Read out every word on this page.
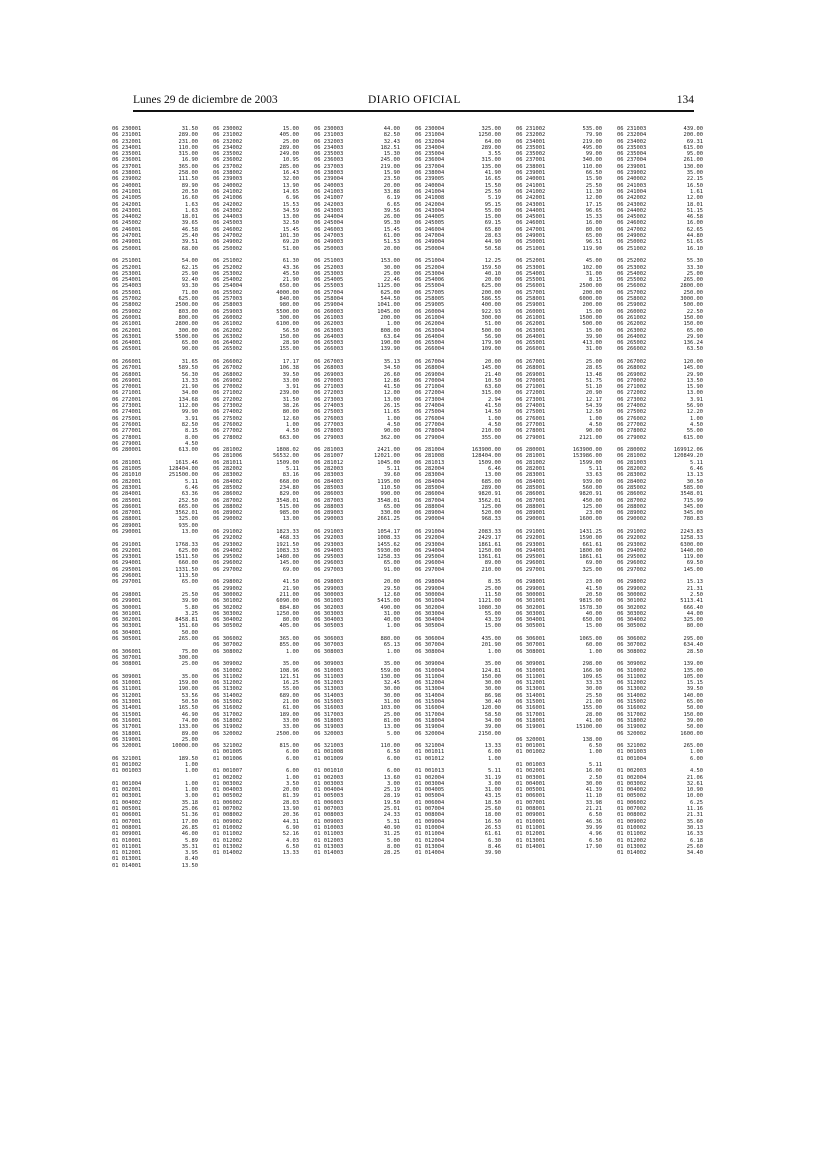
Lunes 29 de diciembre de 2003	DIARIO OFICIAL	134
06 230001	31.50
06 231001	289.00
06 232001	231.00
06 234001	110.00
06 235001	315.00
06 236001	16.90
06 237001	365.00
06 238001	258.00
06 239002	111.50
06 240001	89.90
06 241001	20.50
06 241005	16.60
06 242001	1.63
06 243001	1.63
06 244002	18.01
06 245002	39.65
06 246001	46.58
06 247001	25.40
06 249001	39.51
06 250001	68.00
06 251001	54.00
06 252001	62.15
06 253001	25.90
06 254001	92.40
06 254003	93.30
06 255001	71.00
06 257002	625.00
06 258002	2500.00
06 259002	803.00
06 260001	800.00
06 261001	2800.00
06 262001	300.00
06 263001	5500.00
06 264001	65.00
06 265001	90.00
06 266001	31.65
06 267001	589.50
06 268001	56.30
06 269001	13.33
06 270001	21.90
06 271001	34.00
06 272001	134.68
06 273001	112.00
06 274001	99.90
06 275001	3.91
06 276001	82.50
06 277001	8.15
06 278001	8.00
06 279001	4.50
06 280001	613.00
06 281001	1615.46
06 281005	128404.00
06 281010	251500.00
06 282001	5.11
06 283001	6.46
06 284001	63.36
06 285001	252.50
06 286001	665.00
06 287001	3562.01
06 288001	325.00
06 289001	935.00
06 290001	13.00
06 291001	1768.33
06 292001	625.00
06 293001	1511.50
06 294001	660.00
06 295001	1331.50
06 296001	113.50
06 297001	65.00
06 298001	25.50
06 299001	39.90
06 300001	5.80
06 301001	3.25
06 302001	8458.81
06 303001	151.60
06 304001	50.00
06 305001	265.00
06 306001	75.00
06 307001	300.00
06 308001	25.00
06 309001	35.00
06 310001	159.00
06 311001	190.00
06 312001	53.56
06 313001	50.50
06 314001	165.50
06 315001	46.90
06 316001	74.00
06 317001	133.00
06 318001	89.00
06 319001	25.00
06 320001	10000.00
06 321001	189.50
01 001002	1.00
01 001003	1.00
01 001004	1.00
01 002001	1.00
01 003001	3.00
01 004002	35.18
01 005001	25.06
01 006001	51.36
01 007001	17.00
01 008001	26.85
01 009001	46.00
01 010001	5.89
01 011001	35.31
01 012001	3.95
01 013001	8.40
01 014001	13.50
06 230002	15.00
06 231002	405.00
06 232002	25.00
06 234002	289.00
06 235002	249.00
06 236002	10.95
06 237002	285.00
06 238002	16.43
06 239003	32.00
06 240002	13.90
06 241002	14.65
06 241006	6.96
06 242002	15.53
06 243002	34.59
06 244003	13.00
06 245003	32.50
06 246002	15.45
06 247002	101.30
06 249002	69.20
06 250002	51.00
06 251002	61.30
06 252002	43.36
06 253002	45.50
06 254002	21.90
06 254004	650.00
06 255002	4000.00
06 257003	840.00
06 258003	980.00
06 259003	5500.00
06 260002	300.00
06 261002	6100.00
06 262002	56.50
06 263002	150.00
06 264002	28.90
06 265002	155.00
06 266002	17.17
06 267002	106.38
06 268002	39.50
06 269002	33.00
06 270002	3.91
06 271002	239.00
06 272002	31.50
06 273002	38.26
06 274002	80.00
06 275002	12.60
06 276002	1.00
06 277002	4.50
06 278002	663.00
06 281002	1808.02
06 281006	56532.00
06 281011	1509.00
06 282002	5.11
06 283002	83.16
06 284002	668.00
06 285002	234.80
06 286002	829.00
06 287002	3548.01
06 288002	515.00
06 289002	985.00
06 290002	13.00
06 291002	1823.33
06 292002	468.33
06 293002	1921.50
06 294002	1083.33
06 295002	1480.00
06 296002	145.00
06 297002	69.00
06 298002	41.50
06 299002	21.90
06 300002	211.00
06 301002	6090.00
06 302002	884.80
06 303002	1250.00
06 304002	80.00
06 305002	405.00
06 306002	365.00
06 307002	855.00
06 308002	1.00
06 309002	35.00
06 310002	108.96
06 311002	121.51
06 312002	16.25
06 313002	55.00
06 314002	689.00
06 315002	21.00
06 316002	61.00
06 317002	189.00
06 318002	33.00
06 319002	33.00
06 320002	2500.00
06 321002	815.00
01 001005	6.00
01 001006	6.00
01 001007	6.00
01 002002	1.00
01 003002	3.50
01 004003	20.00
01 005002	81.39
01 006002	28.03
01 007002	13.90
01 008002	20.36
01 009002	44.31
01 010002	6.90
01 011002	52.16
01 012002	4.03
01 013002	6.50
01 014002	13.33
06 230003	44.00
06 231003	82.50
06 232003	32.43
06 234003	182.51
06 235003	15.30
06 236003	245.00
06 237003	219.00
06 238003	15.90
06 239004	23.50
06 240003	20.00
06 241003	33.88
06 241007	6.19
06 242003	6.65
06 243003	39.56
06 244004	26.00
06 245004	95.30
06 246003	15.45
06 247003	61.00
06 249003	51.53
06 250003	20.00
06 251003	153.00
06 252003	30.00
06 253003	25.00
06 254005	22.46
06 255003	1125.00
06 257004	625.00
06 258004	544.50
06 259004	1041.00
06 260003	1045.00
06 261003	200.00
06 262003	1.00
06 263003	808.00
06 264003	63.64
06 265003	190.00
06 266003	139.90
06 267003	35.13
06 268003	34.50
06 269003	26.60
06 270003	12.86
06 271003	41.50
06 272003	12.00
06 273003	13.00
06 274003	26.15
06 275003	11.65
06 276003	1.00
06 277003	4.50
06 278003	90.00
06 279003	362.00
06 281003	2421.00
06 281007	12021.00
06 281012	1045.00
06 282003	5.11
06 283003	39.60
06 284003	1195.00
06 285003	110.50
06 286003	990.00
06 287003	3548.01
06 288003	65.00
06 289003	330.00
06 290003	2661.25
06 291003	1054.17
06 292003	1008.33
06 293003	1455.62
06 294003	5930.00
06 295003	1258.33
06 296003	65.00
06 297003	91.00
06 298003	20.00
06 299003	29.50
06 300003	12.60
06 301003	5415.00
06 302003	490.00
06 303003	31.00
06 304003	40.00
06 305003	1.00
06 306003	880.00
06 307003	65.13
06 308003	1.00
06 309003	35.00
06 310003	559.00
06 311003	130.00
06 312003	32.45
06 313003	30.00
06 314003	30.00
06 315003	31.00
06 316003	103.00
06 317003	25.00
06 318003	81.00
06 319003	13.00
06 320003	5.00
06 321003	110.00
01 001008	6.50
01 001009	6.00
01 001010	6.00
01 002003	13.60
01 003003	3.00
01 004004	25.19
01 005003	28.19
01 006003	19.50
01 007003	25.01
01 008003	24.33
01 009003	5.31
01 010003	40.90
01 011003	31.25
01 012003	5.00
01 013003	8.00
01 014003	28.25
06 230004	325.00
06 231004	1250.00
06 232004	64.00
06 234004	289.00
06 235004	3.55
06 236004	315.00
06 237004	135.00
06 238004	41.90
06 239005	16.65
06 240004	15.50
06 241004	25.50
06 241008	5.19
06 242004	95.15
06 243004	55.00
06 244005	15.00
06 245005	69.15
06 246004	65.80
06 247004	28.63
06 249004	44.90
06 250004	50.58
06 251004	12.25
06 252004	159.50
06 253004	40.10
06 254006	20.00
06 255004	625.00
06 257005	200.00
06 258005	586.55
06 259005	400.00
06 260004	922.93
06 261004	300.00
06 262004	51.00
06 263004	500.00
06 264004	56.90
06 265004	179.90
06 266004	109.00
06 267004	20.00
06 268004	145.00
06 269004	21.40
06 270004	10.50
06 271004	63.60
06 272004	315.00
06 273004	2.94
06 274004	41.50
06 275004	14.50
06 276004	1.00
06 277004	4.50
06 278004	210.00
06 279004	355.00
06 281004	163900.00
06 281008	128404.00
06 281013	1509.00
06 282004	6.46
06 283004	13.00
06 284004	685.00
06 285004	289.00
06 286004	9820.91
06 287004	3562.01
06 288004	125.00
06 289004	520.00
06 290004	968.33
06 291004	2083.33
06 292004	2429.17
06 293004	1861.61
06 294004	1250.00
06 295004	1361.61
06 296004	89.00
06 297004	210.00
06 298004	8.35
06 299004	25.00
06 300004	11.50
06 301004	1121.00
06 302004	1080.30
06 303004	55.00
06 304004	43.39
06 305004	15.00
06 306004	435.00
06 307004	201.90
06 308004	1.00
06 309004	35.00
06 310004	124.81
06 311004	150.00
06 312004	30.00
06 313004	30.00
06 314004	86.98
06 315004	30.40
06 316004	120.00
06 317004	58.50
06 318004	34.00
06 319004	39.00
06 320004	2150.00
06 321004	13.33
01 001011	6.00
01 001012	1.00
01 001013	5.11
01 002004	31.19
01 003004	3.00
01 004005	31.00
01 005004	43.15
01 006004	18.50
01 007004	25.60
01 008004	18.00
01 009004	16.50
01 010004	26.53
01 011004	61.61
01 012004	6.30
01 013004	8.46
01 014004	39.90
06 231002	535.00
06 232002	79.90
06 234001	219.00
06 235001	495.00
06 235002	99.00
06 237001	340.00
06 238001	110.00
06 239001	66.50
06 240001	15.90
06 241001	25.50
06 241002	11.30
06 242001	12.00
06 243001	17.15
06 244001	96.65
06 245001	15.33
06 246001	16.00
06 247001	80.00
06 249001	65.00
06 250001	96.51
06 251001	119.90
06 252001	45.00
06 253001	102.00
06 254001	31.00
06 255001	8.15
06 256001	2500.00
06 257001	200.00
06 258001	6000.00
06 259001	200.00
06 260001	15.00
06 261001	1500.00
06 262001	500.00
06 263001	15.00
06 264001	39.90
06 265001	413.00
06 266001	31.00
06 267001	25.00
06 268001	28.65
06 269001	13.48
06 270001	51.75
06 271001	51.10
06 272001	20.90
06 273001	12.17
06 274001	54.39
06 275001	12.50
06 276001	1.00
06 277001	4.50
06 278001	90.00
06 279001	2121.00
06 280001	163900.00
06 281001	153986.00
06 281002	1599.00
06 282001	5.11
06 283001	33.63
06 284001	939.00
06 285001	560.00
06 286001	9820.91
06 287001	450.00
06 288001	125.00
06 289001	23.00
06 290001	1600.00
06 291001	1431.25
06 292001	1590.00
06 293001	661.61
06 294001	1800.00
06 295001	1861.61
06 296001	69.00
06 297001	325.00
06 298001	23.00
06 299001	41.50
06 300001	20.50
06 301001	9815.00
06 302001	1578.30
06 303001	40.00
06 304001	650.00
06 305001	15.00
06 306001	1065.00
06 307001	60.00
06 308001	1.00
06 309001	298.00
06 310001	166.90
06 311001	109.65
06 312001	33.33
06 313001	30.00
06 314001	25.50
06 315001	21.00
06 316001	155.00
06 317001	28.00
06 318001	41.00
06 319001	15100.00
06 320001	138.00
01 001001	6.50
01 001002	1.00
01 001003	5.11
01 002001	16.00
01 003001	2.50
01 004001	30.00
01 005001	41.39
01 006001	11.10
01 007001	33.98
01 008001	21.21
01 009001	6.50
01 010001	46.36
01 011001	39.99
01 012001	4.96
01 013001	6.50
01 014001	17.90
06 231003	439.00
06 232004	200.00
06 234002	69.31
06 235003	615.00
06 235004	95.00
06 237004	261.00
06 239001	130.00
06 239002	35.00
06 240002	22.15
06 241003	16.50
06 241004	1.61
06 242002	12.00
06 243002	18.01
06 244002	51.15
06 245002	46.58
06 246002	16.00
06 247002	62.65
06 249002	44.80
06 250002	51.65
06 251002	16.10
06 252002	55.30
06 253002	33.30
06 254002	25.00
06 255002	265.00
06 256002	2800.00
06 257002	250.00
06 258002	3000.00
06 259002	500.00
06 260002	22.50
06 261002	150.00
06 262002	150.00
06 263002	65.00
06 264002	29.90
06 265002	136.24
06 266002	63.50
06 267002	120.00
06 268002	145.00
06 269002	29.90
06 270002	13.50
06 271002	15.90
06 272002	13.00
06 273002	3.91
06 274002	56.90
06 275002	12.20
06 276002	1.00
06 277002	4.50
06 278002	55.00
06 279002	615.00
06 280002	169912.06
06 281002	120849.20
06 281003	5.11
06 282002	6.46
06 283002	13.13
06 284002	30.50
06 285002	585.00
06 286002	3548.01
06 287002	715.99
06 288002	345.00
06 289002	345.00
06 290002	780.83
06 291002	2243.83
06 292002	1258.33
06 293002	6300.00
06 294002	1440.00
06 295002	119.00
06 296002	69.50
06 297002	145.00
06 298002	15.13
06 299002	21.31
06 300002	2.50
06 301002	5113.41
06 302002	666.40
06 303002	44.00
06 304002	325.00
06 305002	80.00
06 306002	295.00
06 307002	634.40
06 308002	28.50
06 309002	139.00
06 310002	135.00
06 311002	105.00
06 312002	15.15
06 313002	39.50
06 314002	140.00
06 315002	65.00
06 316002	50.00
06 317002	150.00
06 318002	39.00
06 319002	50.00
06 320002	1600.00
06 321002	265.00
01 001003	1.00
01 001004	6.00
01 002003	4.50
01 002004	21.06
01 003002	32.61
01 004002	10.90
01 005002	10.00
01 006002	6.25
01 007002	11.16
01 008002	21.31
01 009002	35.60
01 010002	30.13
01 011002	16.33
01 012002	6.18
01 013002	25.60
01 014002	34.40
